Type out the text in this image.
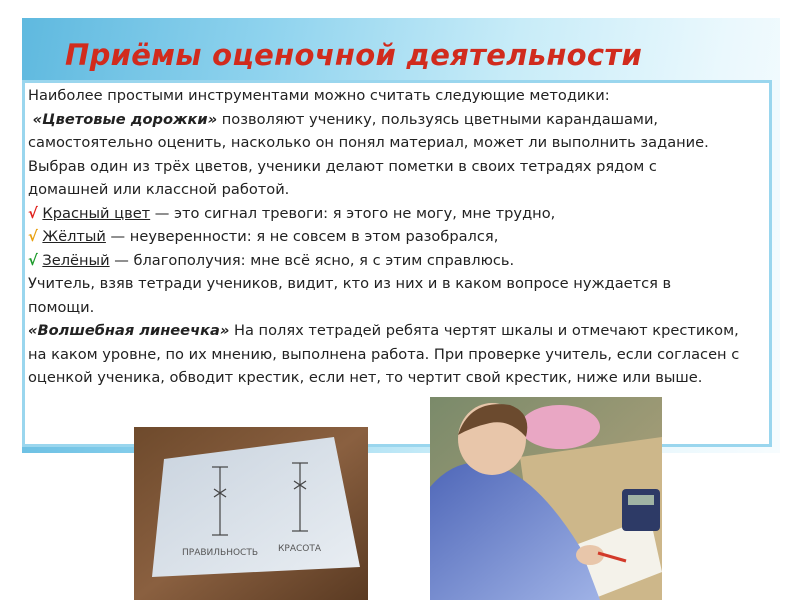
Приёмы оценочной деятельности

Наиболее простыми инструментами можно считать следующие методики:

«Цветовые дорожки» позволяют ученику, пользуясь цветными карандашами, самостоятельно оценить, насколько он понял материал, может ли выполнить задание. Выбрав один из трёх цветов, ученики делают пометки в своих тетрадях рядом с домашней или классной работой.

√ Красный цвет — это сигнал тревоги: я этого не могу, мне трудно,

√ Жёлтый — неуверенности: я не совсем в этом разобрался,

√ Зелёный — благополучия: мне всё ясно, я с этим справлюсь.

Учитель, взяв тетради учеников, видит, кто из них и в каком вопросе нуждается в помощи.

«Волшебная линеечка» На полях тетрадей ребята чертят шкалы и отмечают крестиком, на каком уровне, по их мнению, выполнена работа. При проверке учитель, если согласен с оценкой ученика, обводит крестик, если нет, то чертит свой крестик, ниже или выше.

ПРАВИЛЬНОСТЬ КРАСОТА
